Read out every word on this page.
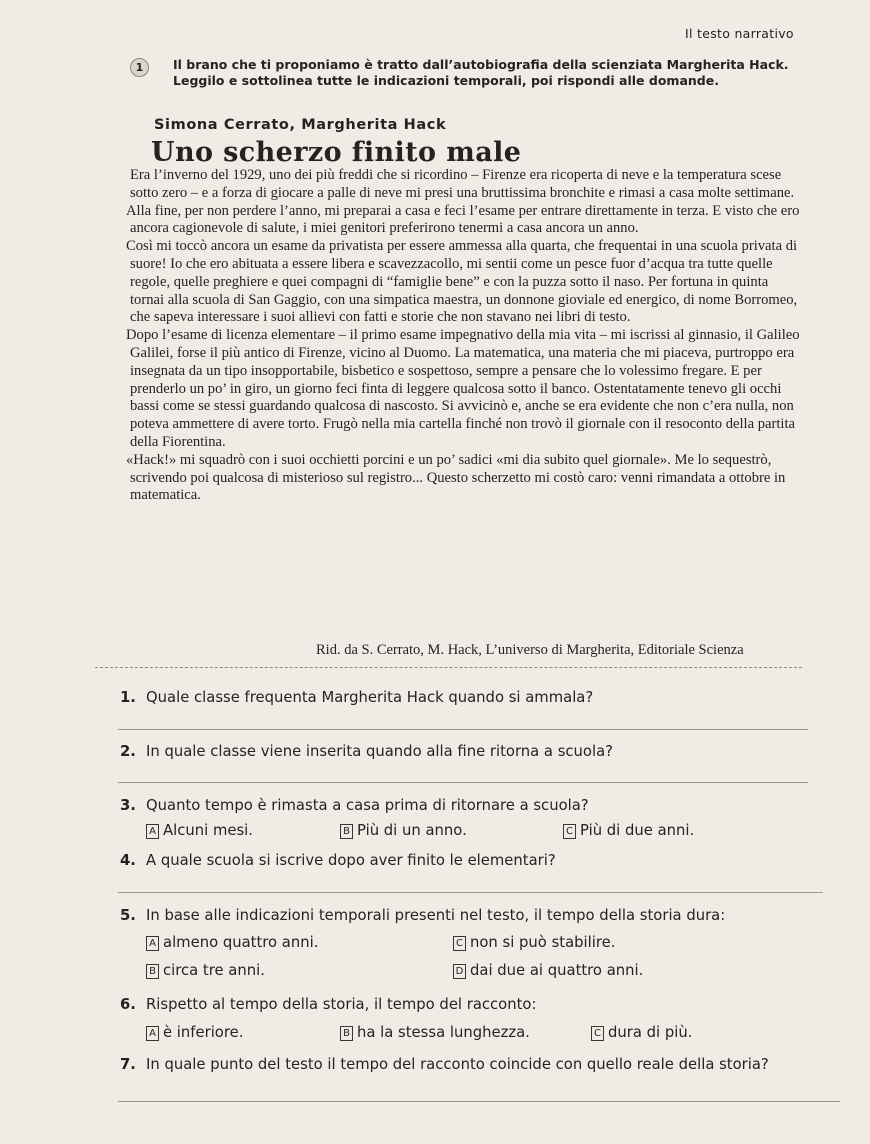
Il testo narrativo
1	Il brano che ti proponiamo è tratto dall’autobiografia della scienziata Margherita Hack. Leggilo e sottolinea tutte le indicazioni temporali, poi rispondi alle domande.

Simona Cerrato, Margherita Hack
Uno scherzo finito male

Era l’inverno del 1929, uno dei più freddi che si ricordino – Firenze era ricoperta di neve e la temperatura scese sotto zero – e a forza di giocare a palle di neve mi presi una bruttissima bronchite e rimasi a casa molte settimane.

Alla fine, per non perdere l’anno, mi preparai a casa e feci l’esame per entrare direttamente in terza. E visto che ero ancora cagionevole di salute, i miei genitori preferirono tenermi a casa ancora un anno.

Così mi toccò ancora un esame da privatista per essere ammessa alla quarta, che frequentai in una scuola privata di suore! Io che ero abituata a essere libera e scavezzacollo, mi sentii come un pesce fuor d’acqua tra tutte quelle regole, quelle preghiere e quei compagni di “famiglie bene” e con la puzza sotto il naso. Per fortuna in quinta tornai alla scuola di San Gaggio, con una simpatica maestra, un donnone gioviale ed energico, di nome Borromeo, che sapeva interessare i suoi allievi con fatti e storie che non stavano nei libri di testo.

Dopo l’esame di licenza elementare – il primo esame impegnativo della mia vita – mi iscrissi al ginnasio, il Galileo Galilei, forse il più antico di Firenze, vicino al Duomo. La matematica, una materia che mi piaceva, purtroppo era insegnata da un tipo insopportabile, bisbetico e sospettoso, sempre a pensare che lo volessimo fregare. E per prenderlo un po’ in giro, un giorno feci finta di leggere qualcosa sotto il banco. Ostentatamente tenevo gli occhi bassi come se stessi guardando qualcosa di nascosto. Si avvicinò e, anche se era evidente che non c’era nulla, non poteva ammettere di avere torto. Frugò nella mia cartella finché non trovò il giornale con il resoconto della partita della Fiorentina.

«Hack!» mi squadrò con i suoi occhietti porcini e un po’ sadici «mi dia subito quel giornale». Me lo sequestrò, scrivendo poi qualcosa di misterioso sul registro... Questo scherzetto mi costò caro: venni rimandata a ottobre in matematica.

Rid. da S. Cerrato, M. Hack, L’universo di Margherita, Editoriale Scienza
1. Quale classe frequenta Margherita Hack quando si ammala?
2. In quale classe viene inserita quando alla fine ritorna a scuola?
3. Quanto tempo è rimasta a casa prima di ritornare a scuola?
A Alcuni mesi.	B Più di un anno.	C Più di due anni.
4. A quale scuola si iscrive dopo aver finito le elementari?
5. In base alle indicazioni temporali presenti nel testo, il tempo della storia dura:
A almeno quattro anni.	C non si può stabilire.
B circa tre anni.	D dai due ai quattro anni.
6. Rispetto al tempo della storia, il tempo del racconto:
A è inferiore.	B ha la stessa lunghezza.	C dura di più.
7. In quale punto del testo il tempo del racconto coincide con quello reale della storia?
